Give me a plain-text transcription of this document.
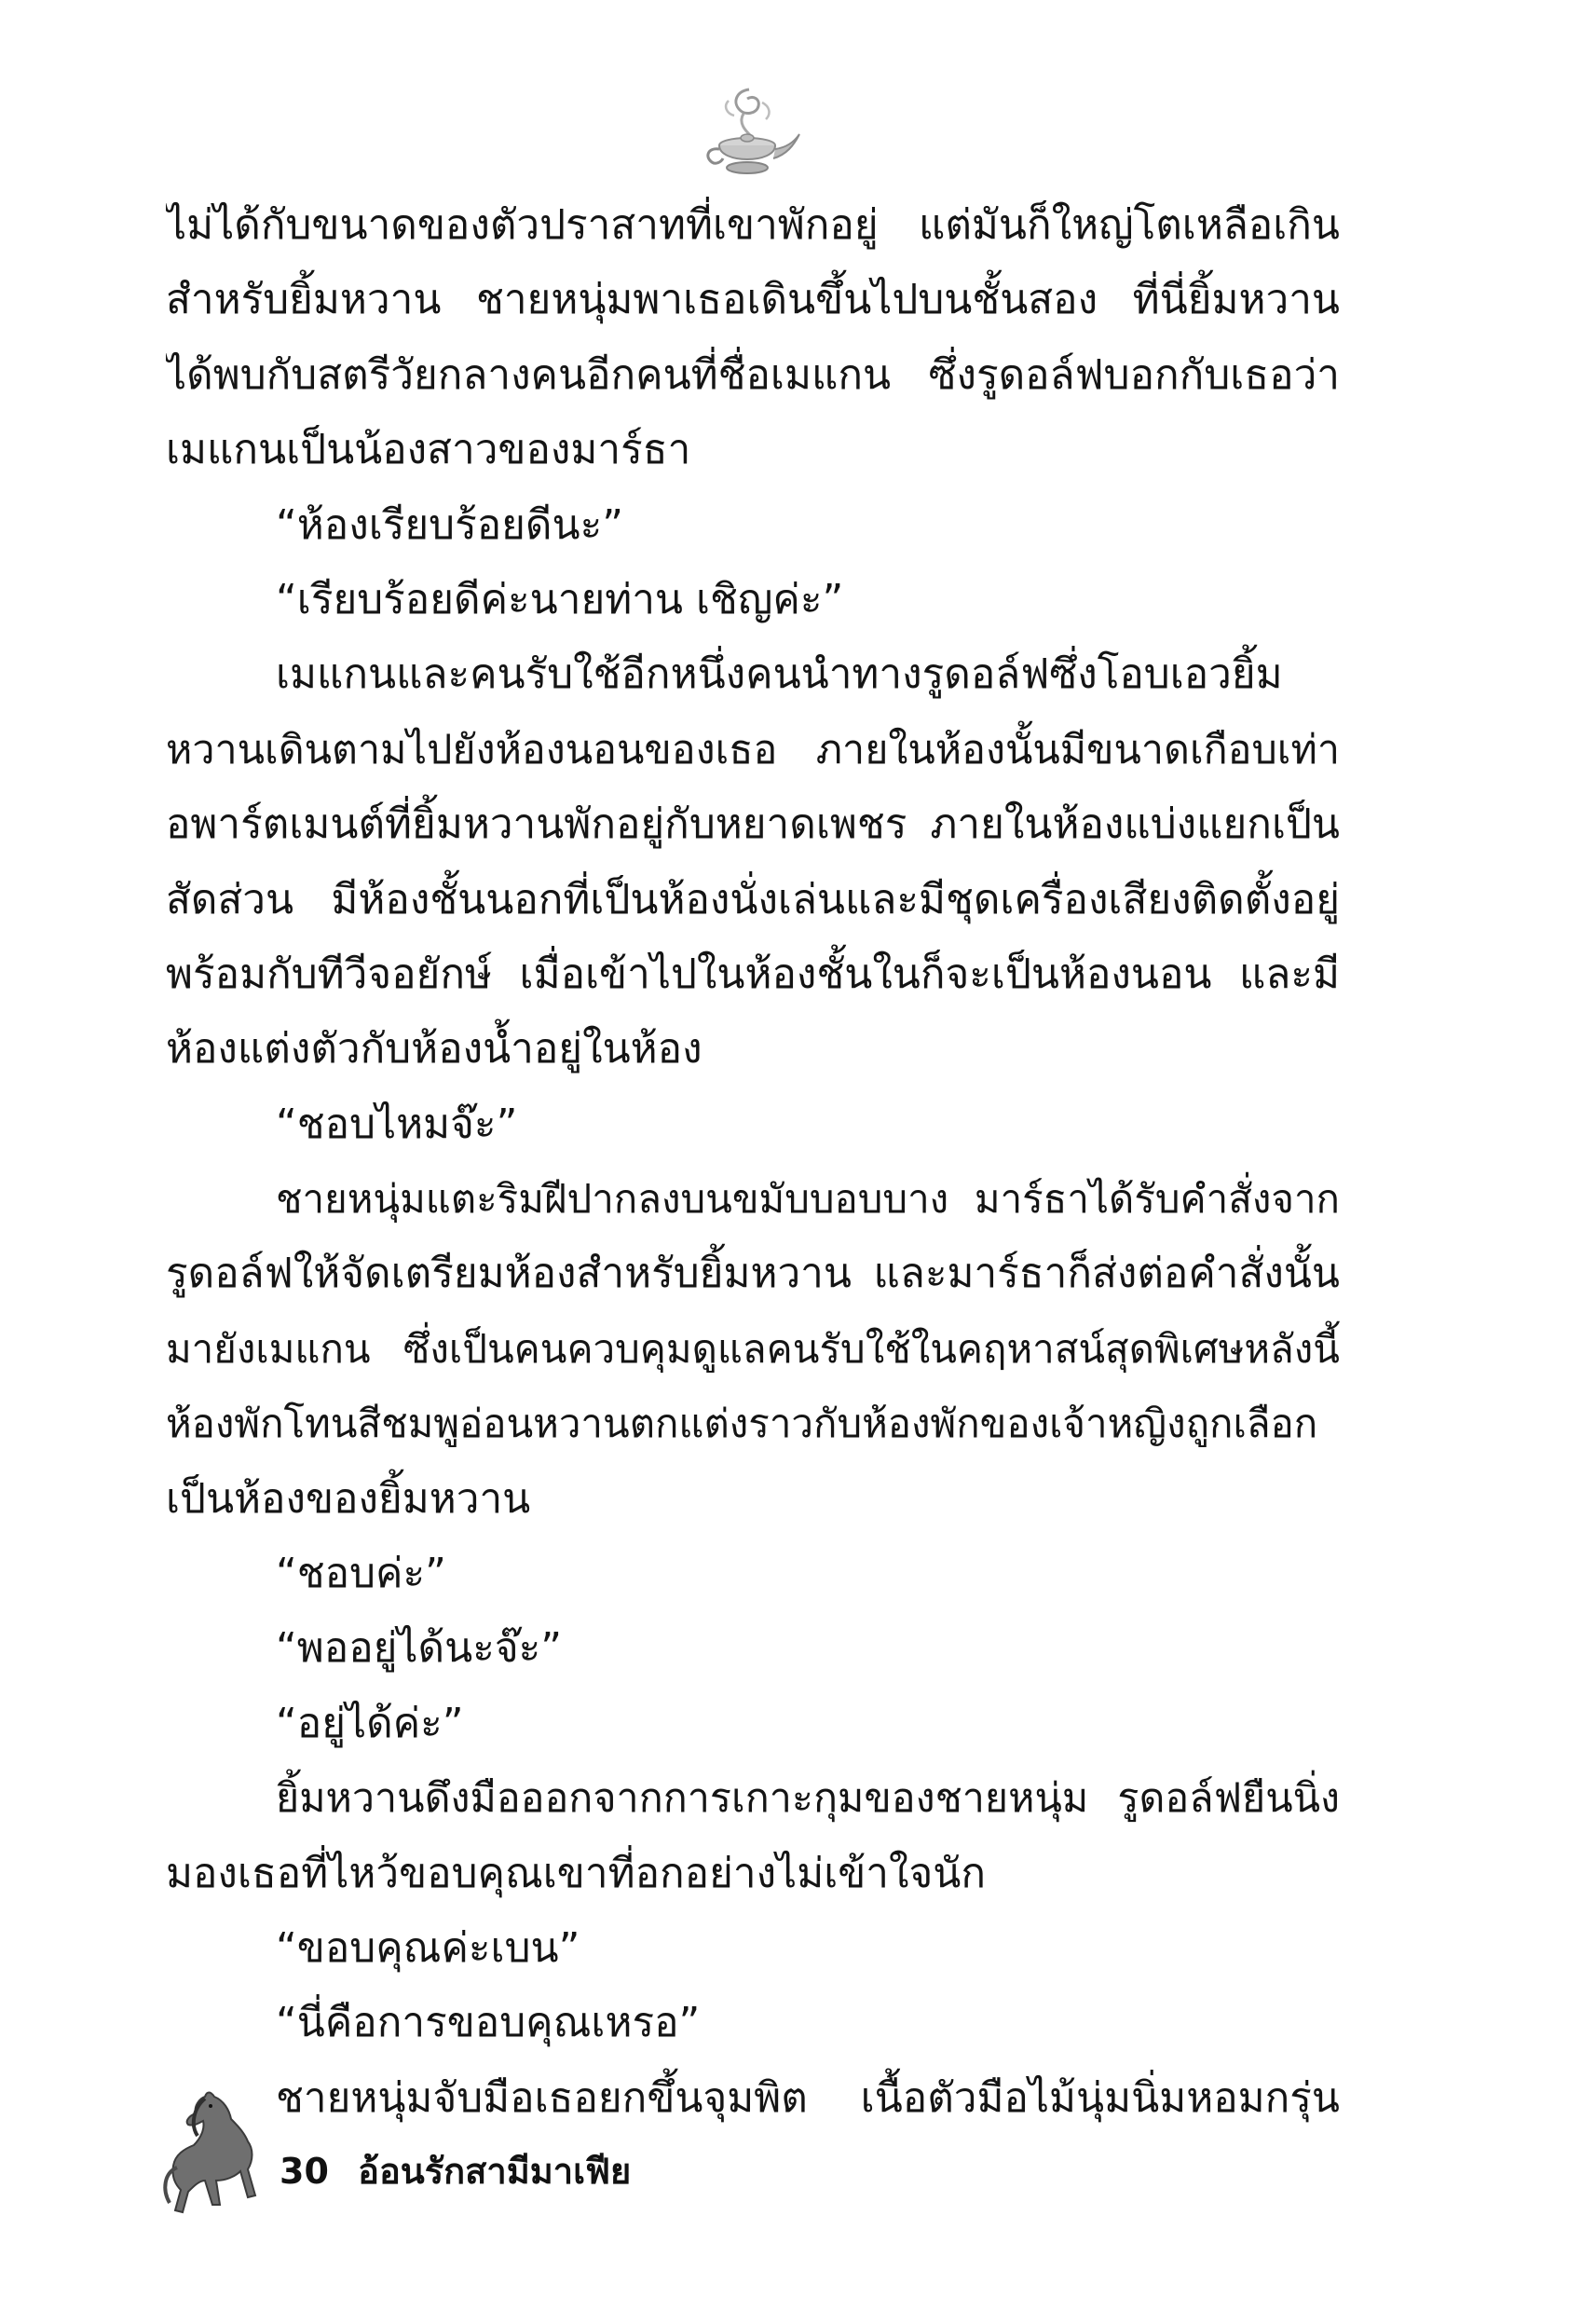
ไม่ได้กับขนาดของตัวปราสาทที่เขาพักอยู่ แต่มันก็ใหญ่โตเหลือเกิน
สำหรับยิ้มหวาน ชายหนุ่มพาเธอเดินขึ้นไปบนชั้นสอง ที่นี่ยิ้มหวาน
ได้พบกับสตรีวัยกลางคนอีกคนที่ชื่อเมแกน ซึ่งรูดอล์ฟบอกกับเธอว่า
เมแกนเป็นน้องสาวของมาร์ธา
“ห้องเรียบร้อยดีนะ”
“เรียบร้อยดีค่ะนายท่าน เชิญค่ะ”
เมแกนและคนรับใช้อีกหนึ่งคนนำทางรูดอล์ฟซึ่งโอบเอวยิ้ม
หวานเดินตามไปยังห้องนอนของเธอ ภายในห้องนั้นมีขนาดเกือบเท่า
อพาร์ตเมนต์ที่ยิ้มหวานพักอยู่กับหยาดเพชร ภายในห้องแบ่งแยกเป็น
สัดส่วน มีห้องชั้นนอกที่เป็นห้องนั่งเล่นและมีชุดเครื่องเสียงติดตั้งอยู่
พร้อมกับทีวีจอยักษ์ เมื่อเข้าไปในห้องชั้นในก็จะเป็นห้องนอน และมี
ห้องแต่งตัวกับห้องน้ำอยู่ในห้อง
“ชอบไหมจ๊ะ”
ชายหนุ่มแตะริมฝีปากลงบนขมับบอบบาง มาร์ธาได้รับคำสั่งจาก
รูดอล์ฟให้จัดเตรียมห้องสำหรับยิ้มหวาน และมาร์ธาก็ส่งต่อคำสั่งนั้น
มายังเมแกน ซึ่งเป็นคนควบคุมดูแลคนรับใช้ในคฤหาสน์สุดพิเศษหลังนี้
ห้องพักโทนสีชมพูอ่อนหวานตกแต่งราวกับห้องพักของเจ้าหญิงถูกเลือก
เป็นห้องของยิ้มหวาน
“ชอบค่ะ”
“พออยู่ได้นะจ๊ะ”
“อยู่ได้ค่ะ”
ยิ้มหวานดึงมือออกจากการเกาะกุมของชายหนุ่ม รูดอล์ฟยืนนิ่ง
มองเธอที่ไหว้ขอบคุณเขาที่อกอย่างไม่เข้าใจนัก
“ขอบคุณค่ะเบน”
“นี่คือการขอบคุณเหรอ”
ชายหนุ่มจับมือเธอยกขึ้นจุมพิต เนื้อตัวมือไม้นุ่มนิ่มหอมกรุ่น
30 อ้อนรักสามีมาเฟีย
